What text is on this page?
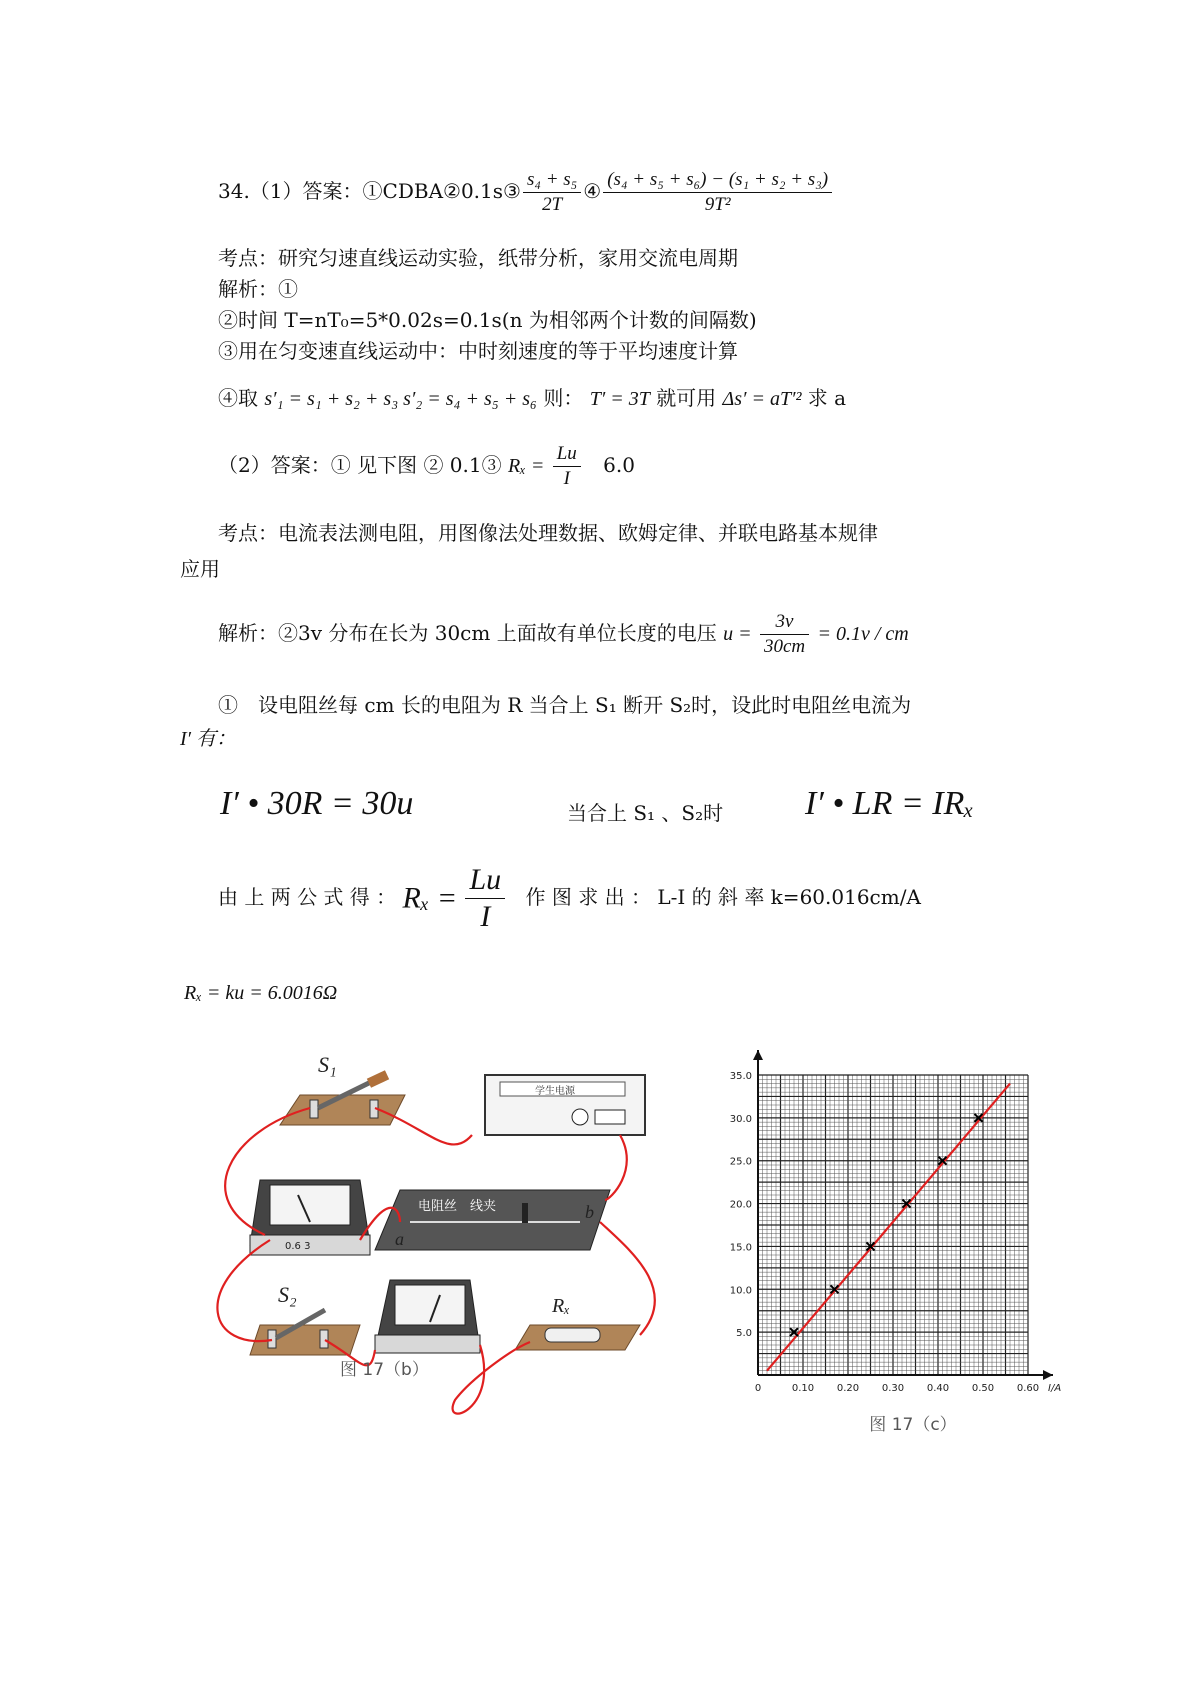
34.（1）答案：①CDBA②0.1s③ $\frac{\text{s₄ + s₅}}{2T}$ ④ $\frac{\text{(s₄ + s₅ + s₆) − (s₁ + s₂ + s₃)}}{\text{9T²}}$
考点：研究匀速直线运动实验，纸带分析，家用交流电周期
解析：①
②时间 T=nT₀=5*0.02s=0.1s(n 为相邻两个计数的间隔数)
③用在匀变速直线运动中：中时刻速度的等于平均速度计算
④取 s′₁ = s₁ + s₂ + s₃ s′₂ = s₄ + s₅ + s₆ 则： T′ = 3T 就可用 Δs′ = aT′² 求 a
（2）答案：① 见下图 ② 0.1③ $R_x = \frac{Lu}{I} 6.0$
考点：电流表法测电阻，用图像法处理数据、欧姆定律、并联电路基本规律
应用
解析：②3v 分布在长为 30cm 上面故有单位长度的电压 $u = \frac{3v}{30cm} = 0.1v$ / cm
①　设电阻丝每 cm 长的电阻为 R 当合上 S₁ 断开 S₂时，设此时电阻丝电流为
I′ 有：
I′ • 30R = 30u	当合上 S₁ 、S₂时 I′ • LR = IRₓ
由 上 两 公 式 得 ： $R_x = \frac{Lu}{I}$ 作 图 求 出 ： L-I 的 斜 率 k=60.016cm/A
Rₓ = ku = 6.0016Ω
S₁
学生电源
0.6 3
电阻丝　线夹
a
b
S₂	Rₓ
图 17（b）
5.0
10.0
15.0
20.0
25.0
30.0
35.0
0	0.10 0.20 0.30 0.40 0.50 0.60 I/A
图 17（c）
